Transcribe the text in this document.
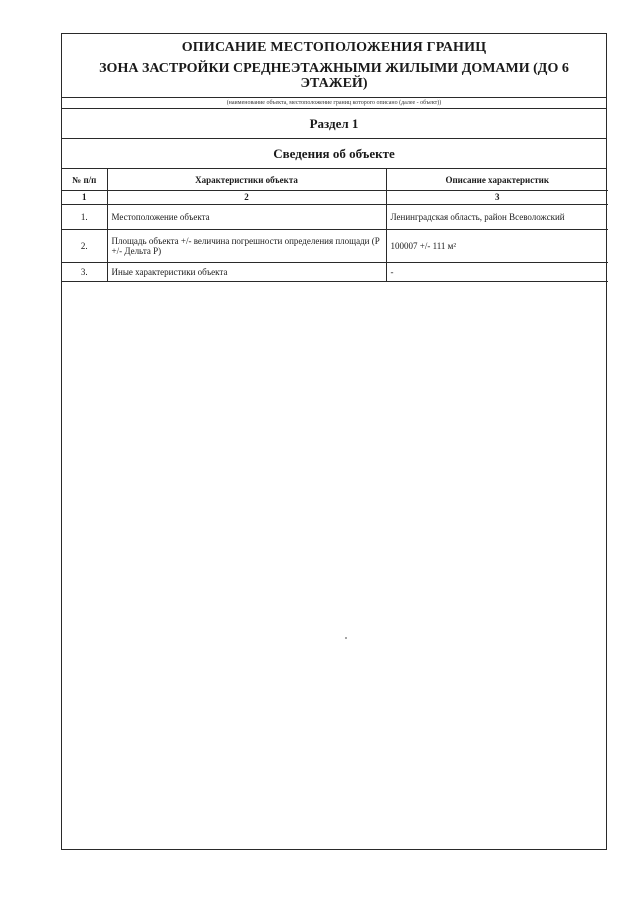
ОПИСАНИЕ МЕСТОПОЛОЖЕНИЯ ГРАНИЦ
ЗОНА ЗАСТРОЙКИ СРЕДНЕЭТАЖНЫМИ ЖИЛЫМИ ДОМАМИ (ДО 6 ЭТАЖЕЙ)
(наименование объекта, местоположение границ которого описано (далее - объект))
Раздел 1
Сведения об объекте
№ п/п	Характеристики объекта	Описание характеристик
1	2	3
1.	Местоположение объекта	Ленинградская область, район Всеволожский
2.	Площадь объекта +/- величина погрешности определения площади (P +/- Дельта P)	100007 +/- 111 м²
3.	Иные характеристики объекта	-
